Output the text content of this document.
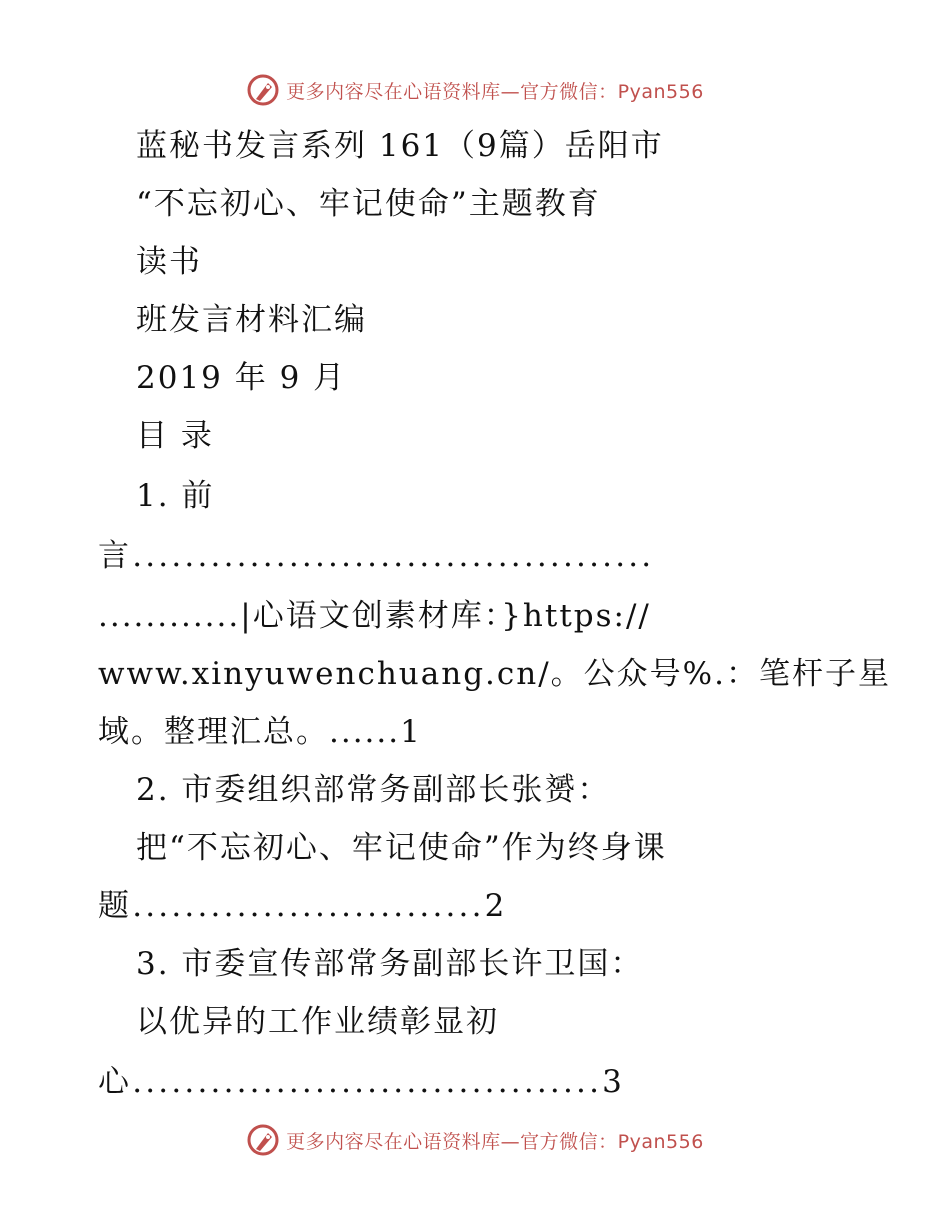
更多内容尽在心语资料库—官方微信：Pyan556
蓝秘书发言系列 161（9篇）岳阳市
“不忘初心、牢记使命”主题教育
读书
班发言材料汇编
2019 年 9 月
目 录
1. 前
言........................................
............|心语文创素材库：}https://
www.xinyuwenchuang.cn/。公众号%.：笔杆子星
域。整理汇总。......1
2. 市委组织部常务副部长张赟：
把“不忘初心、牢记使命”作为终身课
题...........................2
3. 市委宣传部常务副部长许卫国：
以优异的工作业绩彰显初
心....................................3
更多内容尽在心语资料库—官方微信：Pyan556
